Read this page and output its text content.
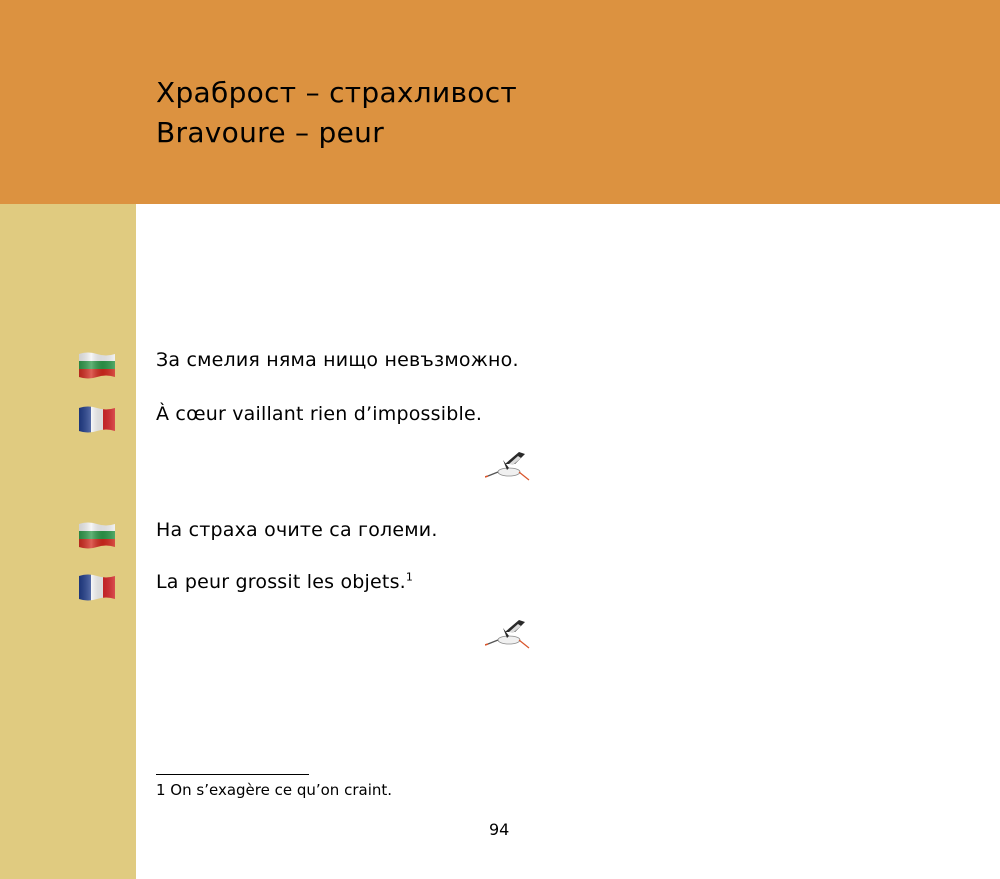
Храброст – страхливост
Bravoure – peur
За смелия няма нищо невъзможно.
À cœur vaillant rien d’impossible.
На страха очите са големи.
La peur grossit les objets.$^1$
1 On s’exagère ce qu’on craint.
94
